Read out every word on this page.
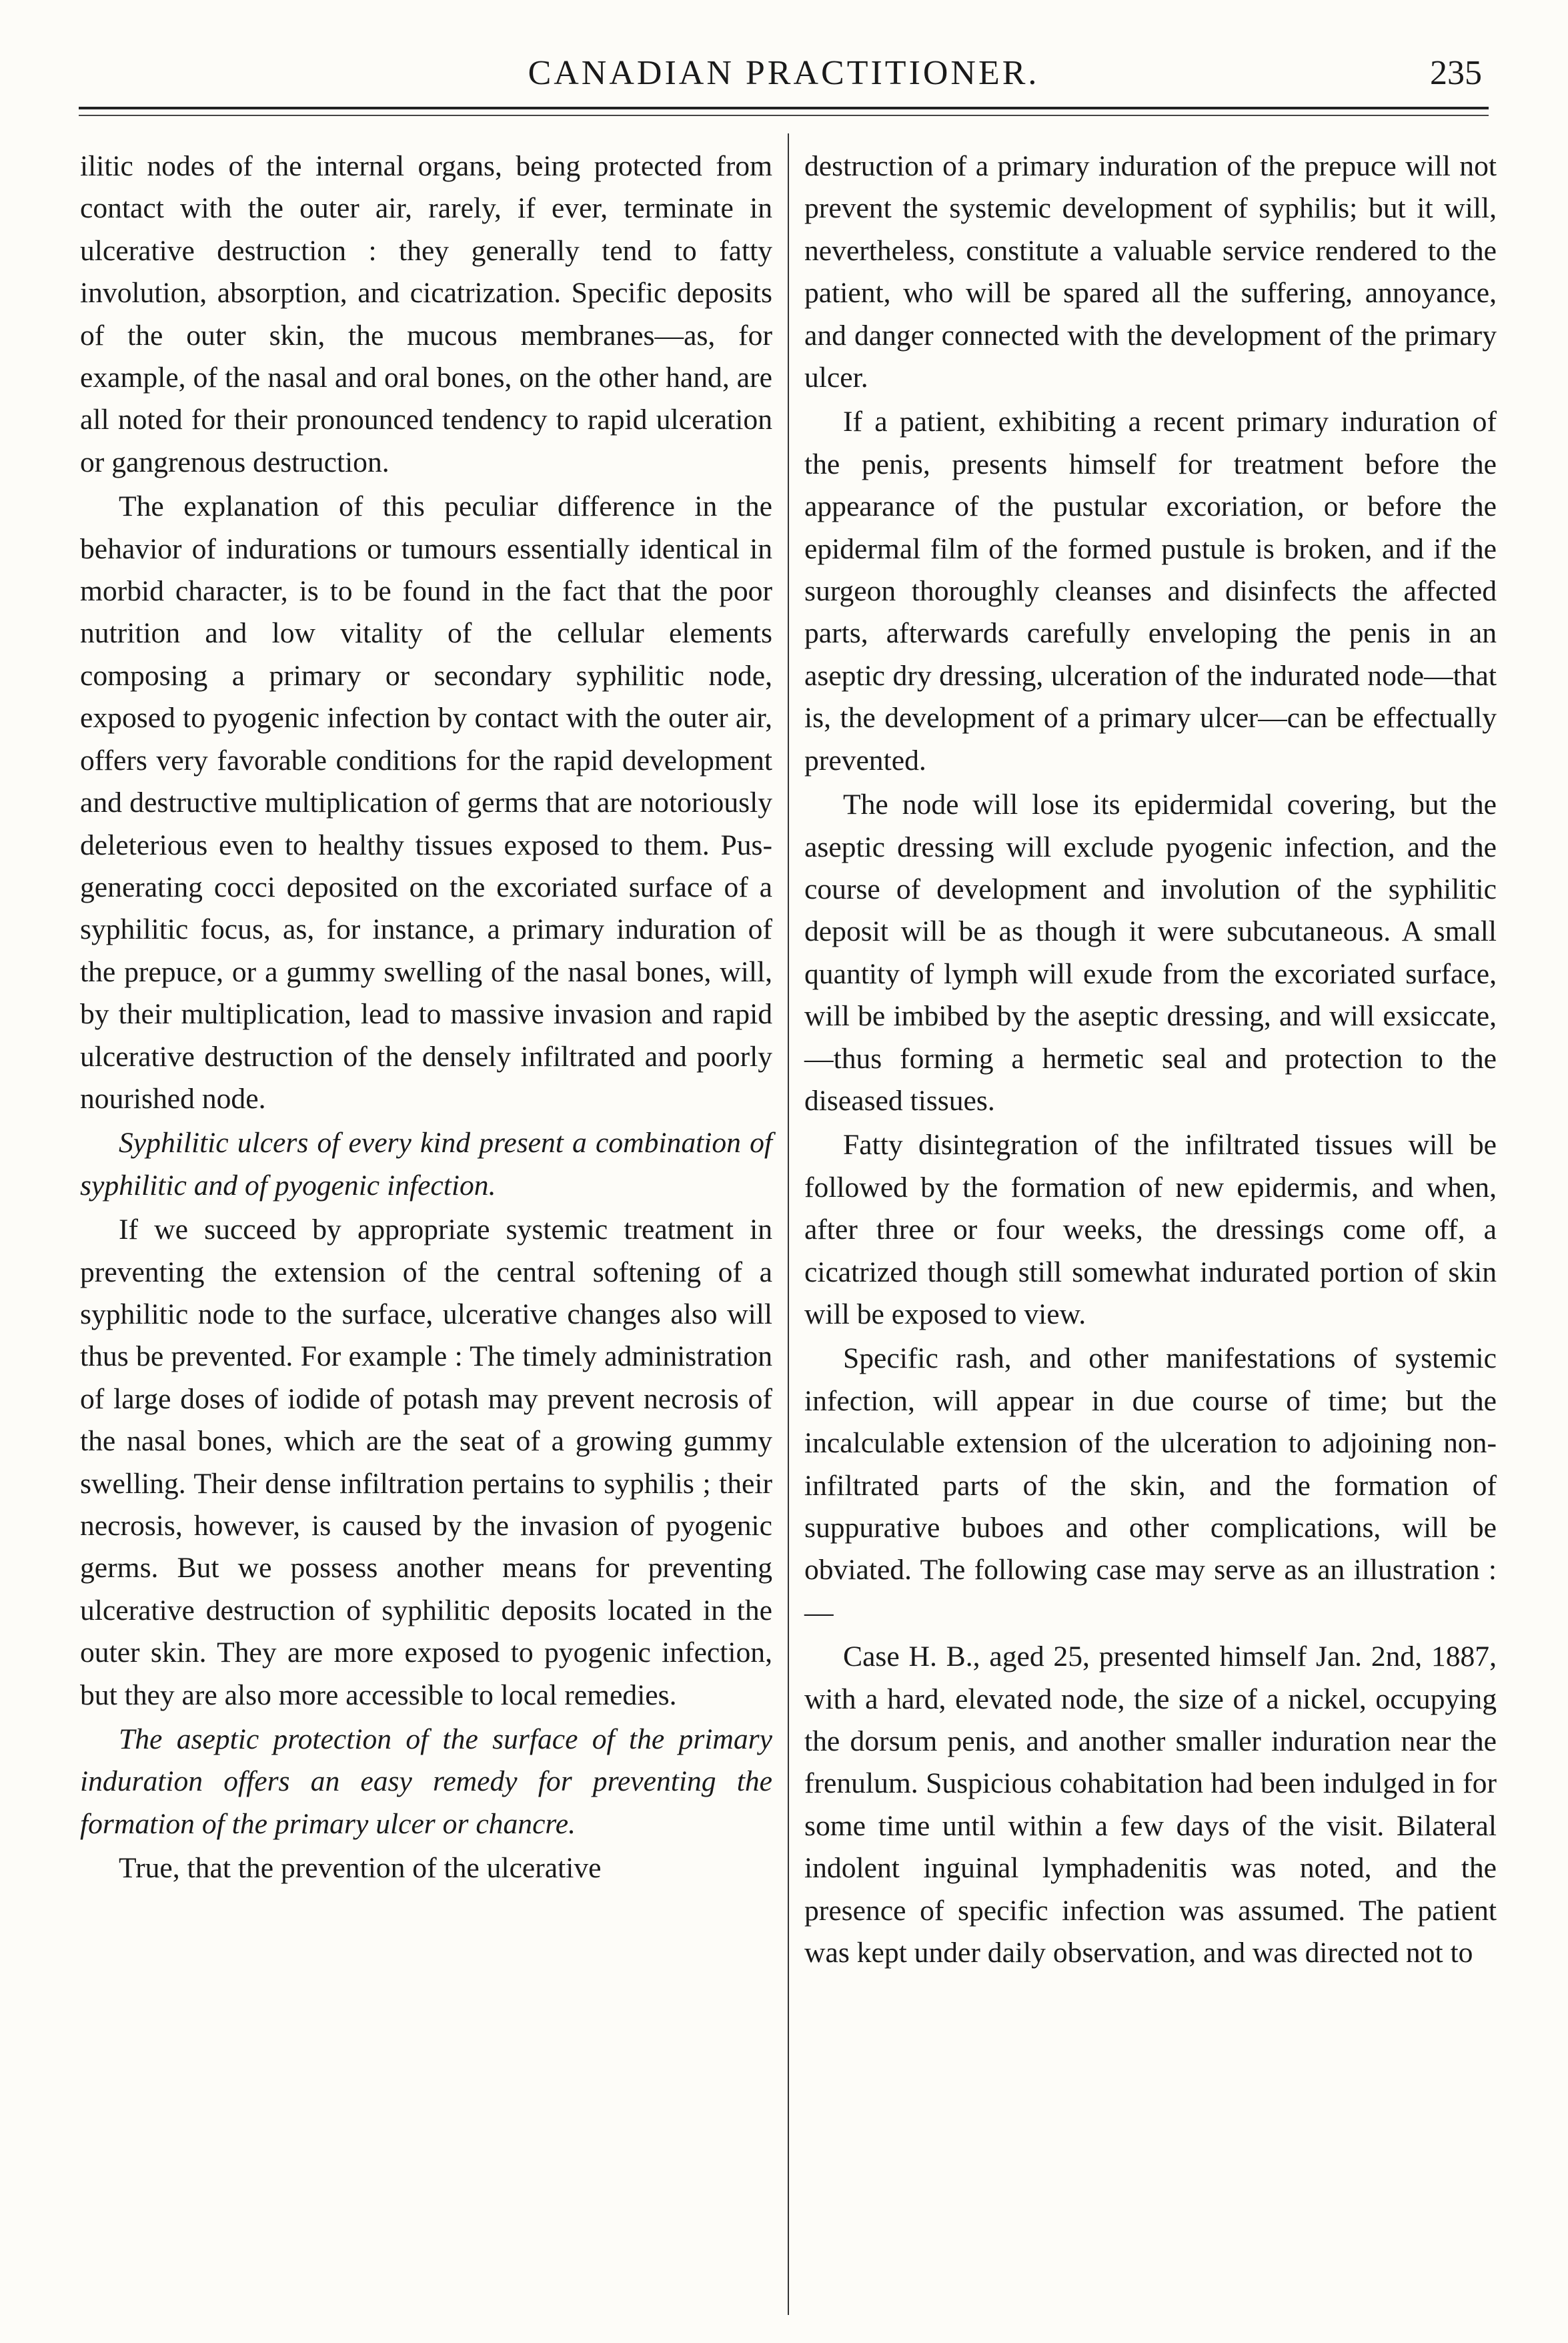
CANADIAN PRACTITIONER.	235

ilitic nodes of the internal organs, being protected from contact with the outer air, rarely, if ever, terminate in ulcerative destruction : they generally tend to fatty involution, absorption, and cicatrization. Specific deposits of the outer skin, the mucous membranes—as, for example, of the nasal and oral bones, on the other hand, are all noted for their pronounced tendency to rapid ulceration or gangrenous destruction.

The explanation of this peculiar difference in the behavior of indurations or tumours essentially identical in morbid character, is to be found in the fact that the poor nutrition and low vitality of the cellular elements composing a primary or secondary syphilitic node, exposed to pyogenic infection by contact with the outer air, offers very favorable conditions for the rapid development and destructive multiplication of germs that are notoriously deleterious even to healthy tissues exposed to them. Pus-generating cocci deposited on the excoriated surface of a syphilitic focus, as, for instance, a primary induration of the prepuce, or a gummy swelling of the nasal bones, will, by their multiplication, lead to massive invasion and rapid ulcerative destruction of the densely infiltrated and poorly nourished node.

Syphilitic ulcers of every kind present a combination of syphilitic and of pyogenic infection.

If we succeed by appropriate systemic treatment in preventing the extension of the central softening of a syphilitic node to the surface, ulcerative changes also will thus be prevented. For example : The timely administration of large doses of iodide of potash may prevent necrosis of the nasal bones, which are the seat of a growing gummy swelling. Their dense infiltration pertains to syphilis ; their necrosis, however, is caused by the invasion of pyogenic germs. But we possess another means for preventing ulcerative destruction of syphilitic deposits located in the outer skin. They are more exposed to pyogenic infection, but they are also more accessible to local remedies.

The aseptic protection of the surface of the primary induration offers an easy remedy for preventing the formation of the primary ulcer or chancre.

True, that the prevention of the ulcerative

destruction of a primary induration of the prepuce will not prevent the systemic development of syphilis; but it will, nevertheless, constitute a valuable service rendered to the patient, who will be spared all the suffering, annoyance, and danger connected with the development of the primary ulcer.

If a patient, exhibiting a recent primary induration of the penis, presents himself for treatment before the appearance of the pustular excoriation, or before the epidermal film of the formed pustule is broken, and if the surgeon thoroughly cleanses and disinfects the affected parts, afterwards carefully enveloping the penis in an aseptic dry dressing, ulceration of the indurated node—that is, the development of a primary ulcer—can be effectually prevented.

The node will lose its epidermidal covering, but the aseptic dressing will exclude pyogenic infection, and the course of development and involution of the syphilitic deposit will be as though it were subcutaneous. A small quantity of lymph will exude from the excoriated surface, will be imbibed by the aseptic dressing, and will exsiccate,—thus forming a hermetic seal and protection to the diseased tissues.

Fatty disintegration of the infiltrated tissues will be followed by the formation of new epidermis, and when, after three or four weeks, the dressings come off, a cicatrized though still somewhat indurated portion of skin will be exposed to view.

Specific rash, and other manifestations of systemic infection, will appear in due course of time; but the incalculable extension of the ulceration to adjoining non-infiltrated parts of the skin, and the formation of suppurative buboes and other complications, will be obviated. The following case may serve as an illustration :—

Case H. B., aged 25, presented himself Jan. 2nd, 1887, with a hard, elevated node, the size of a nickel, occupying the dorsum penis, and another smaller induration near the frenulum. Suspicious cohabitation had been indulged in for some time until within a few days of the visit. Bilateral indolent inguinal lymphadenitis was noted, and the presence of specific infection was assumed. The patient was kept under daily observation, and was directed not to
